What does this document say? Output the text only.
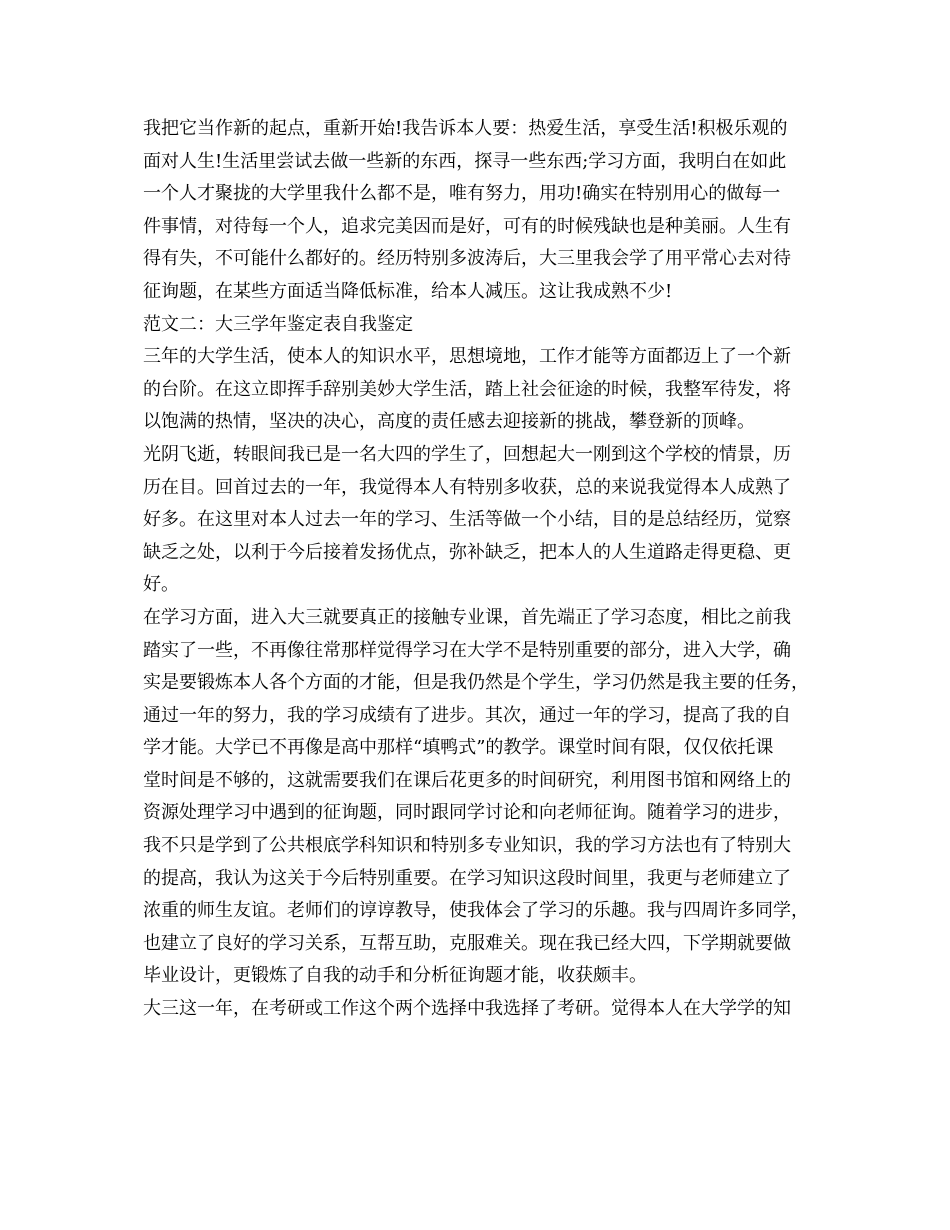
我把它当作新的起点，重新开始!我告诉本人要：热爱生活，享受生活!积极乐观的
面对人生!生活里尝试去做一些新的东西，探寻一些东西;学习方面，我明白在如此
一个人才聚拢的大学里我什么都不是，唯有努力，用功!确实在特别用心的做每一
件事情，对待每一个人，追求完美因而是好，可有的时候残缺也是种美丽。人生有
得有失，不可能什么都好的。经历特别多波涛后，大三里我会学了用平常心去对待
征询题，在某些方面适当降低标准，给本人减压。这让我成熟不少!
范文二：大三学年鉴定表自我鉴定
三年的大学生活，使本人的知识水平，思想境地，工作才能等方面都迈上了一个新
的台阶。在这立即挥手辞别美妙大学生活，踏上社会征途的时候，我整军待发，将
以饱满的热情，坚决的决心，高度的责任感去迎接新的挑战，攀登新的顶峰。
光阴飞逝，转眼间我已是一名大四的学生了，回想起大一刚到这个学校的情景，历
历在目。回首过去的一年，我觉得本人有特别多收获，总的来说我觉得本人成熟了
好多。在这里对本人过去一年的学习、生活等做一个小结，目的是总结经历，觉察
缺乏之处，以利于今后接着发扬优点，弥补缺乏，把本人的人生道路走得更稳、更
好。
在学习方面，进入大三就要真正的接触专业课，首先端正了学习态度，相比之前我
踏实了一些，不再像往常那样觉得学习在大学不是特别重要的部分，进入大学，确
实是要锻炼本人各个方面的才能，但是我仍然是个学生，学习仍然是我主要的任务，
通过一年的努力，我的学习成绩有了进步。其次，通过一年的学习，提高了我的自
学才能。大学已不再像是高中那样“填鸭式”的教学。课堂时间有限，仅仅依托课
堂时间是不够的，这就需要我们在课后花更多的时间研究，利用图书馆和网络上的
资源处理学习中遇到的征询题，同时跟同学讨论和向老师征询。随着学习的进步，
我不只是学到了公共根底学科知识和特别多专业知识，我的学习方法也有了特别大
的提高，我认为这关于今后特别重要。在学习知识这段时间里，我更与老师建立了
浓重的师生友谊。老师们的谆谆教导，使我体会了学习的乐趣。我与四周许多同学，
也建立了良好的学习关系，互帮互助，克服难关。现在我已经大四，下学期就要做
毕业设计，更锻炼了自我的动手和分析征询题才能，收获颇丰。
大三这一年，在考研或工作这个两个选择中我选择了考研。觉得本人在大学学的知
